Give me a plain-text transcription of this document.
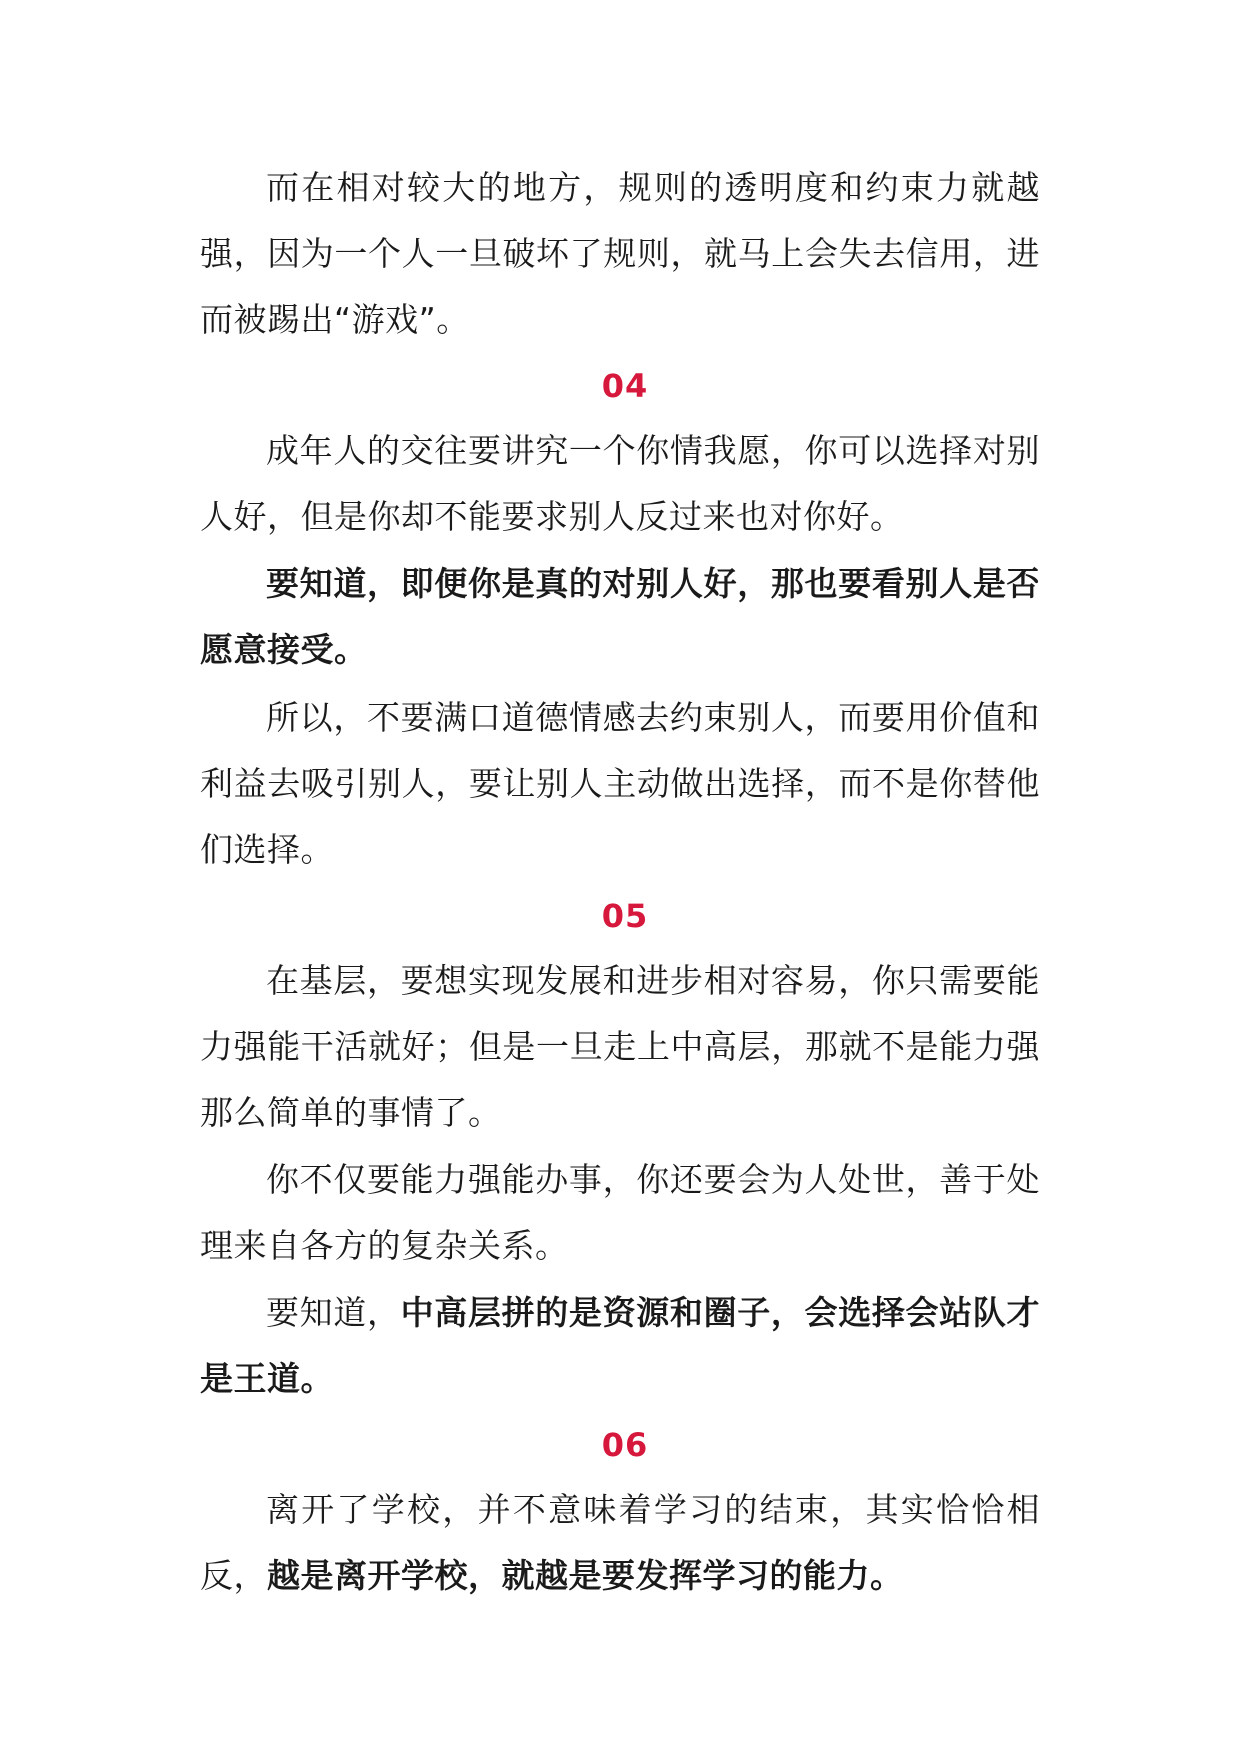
而在相对较大的地方，规则的透明度和约束力就越强，因为一个人一旦破坏了规则，就马上会失去信用，进而被踢出“游戏”。

04

成年人的交往要讲究一个你情我愿，你可以选择对别人好，但是你却不能要求别人反过来也对你好。

要知道，即便你是真的对别人好，那也要看别人是否愿意接受。

所以，不要满口道德情感去约束别人，而要用价值和利益去吸引别人，要让别人主动做出选择，而不是你替他们选择。

05

在基层，要想实现发展和进步相对容易，你只需要能力强能干活就好；但是一旦走上中高层，那就不是能力强那么简单的事情了。

你不仅要能力强能办事，你还要会为人处世，善于处理来自各方的复杂关系。

要知道，中高层拼的是资源和圈子，会选择会站队才是王道。

06

离开了学校，并不意味着学习的结束，其实恰恰相反，越是离开学校，就越是要发挥学习的能力。
